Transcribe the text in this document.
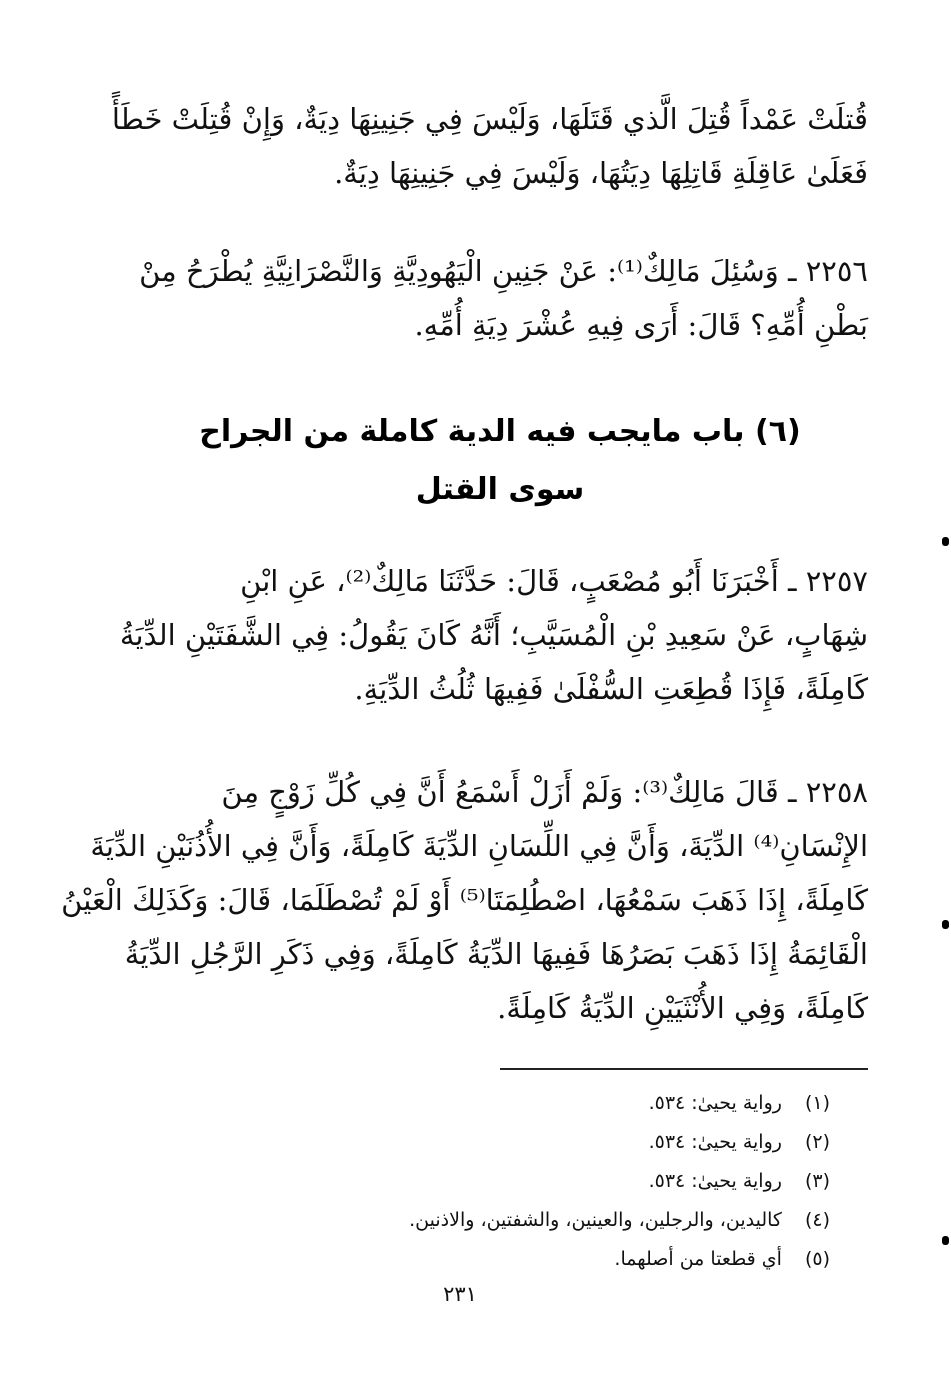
قُتلَتْ عَمْداً قُتِلَ الَّذي قَتَلَهَا، وَلَيْسَ فِي جَنِينِهَا دِيَةٌ، وَإِنْ قُتِلَتْ خَطَأً
فَعَلَىٰ عَاقِلَةِ قَاتِلِهَا دِيَتُهَا، وَلَيْسَ فِي جَنِينِهَا دِيَةٌ.
٢٢٥٦ ـ وَسُئِلَ مَالِكٌ⁽¹⁾: عَنْ جَنِينِ الْيَهُودِيَّةِ وَالنَّصْرَانِيَّةِ يُطْرَحُ مِنْ
بَطْنِ أُمِّهِ؟ قَالَ: أَرَى فِيهِ عُشْرَ دِيَةِ أُمِّهِ.
(٦) باب مايجب فيه الدية كاملة من الجراح
سوى القتل
٢٢٥٧ ـ أَخْبَرَنَا أَبُو مُصْعَبٍ، قَالَ: حَدَّثَنَا مَالِكٌ⁽²⁾، عَنِ ابْنِ
شِهَابٍ، عَنْ سَعِيدِ بْنِ الْمُسَيَّبِ؛ أَنَّهُ كَانَ يَقُولُ: فِي الشَّفَتَيْنِ الدِّيَةُ
كَامِلَةً، فَإِذَا قُطِعَتِ السُّفْلَىٰ فَفِيهَا ثُلُثُ الدِّيَةِ.
٢٢٥٨ ـ قَالَ مَالِكٌ⁽³⁾: وَلَمْ أَزَلْ أَسْمَعُ أَنَّ فِي كُلِّ زَوْجٍ مِنَ
الإِنْسَانِ⁽⁴⁾ الدِّيَةَ، وَأَنَّ فِي اللِّسَانِ الدِّيَةَ كَامِلَةً، وَأَنَّ فِي الأُذُنَيْنِ الدِّيَةَ
كَامِلَةً، إِذَا ذَهَبَ سَمْعُهَا، اصْطُلِمَتَا⁽⁵⁾ أَوْ لَمْ تُصْطَلَمَا، قَالَ: وَكَذَلِكَ الْعَيْنُ
الْقَائِمَةُ إِذَا ذَهَبَ بَصَرُهَا فَفِيهَا الدِّيَةُ كَامِلَةً، وَفِي ذَكَرِ الرَّجُلِ الدِّيَةُ
كَامِلَةً، وَفِي الأُنْثَيَيْنِ الدِّيَةُ كَامِلَةً.
(١) رواية يحيىٰ: ٥٣٤.
(٢) رواية يحيىٰ: ٥٣٤.
(٣) رواية يحيىٰ: ٥٣٤.
(٤) كاليدين، والرجلين، والعينين، والشفتين، والاذنين.
(٥) أي قطعتا من أصلهما.
٢٣١
